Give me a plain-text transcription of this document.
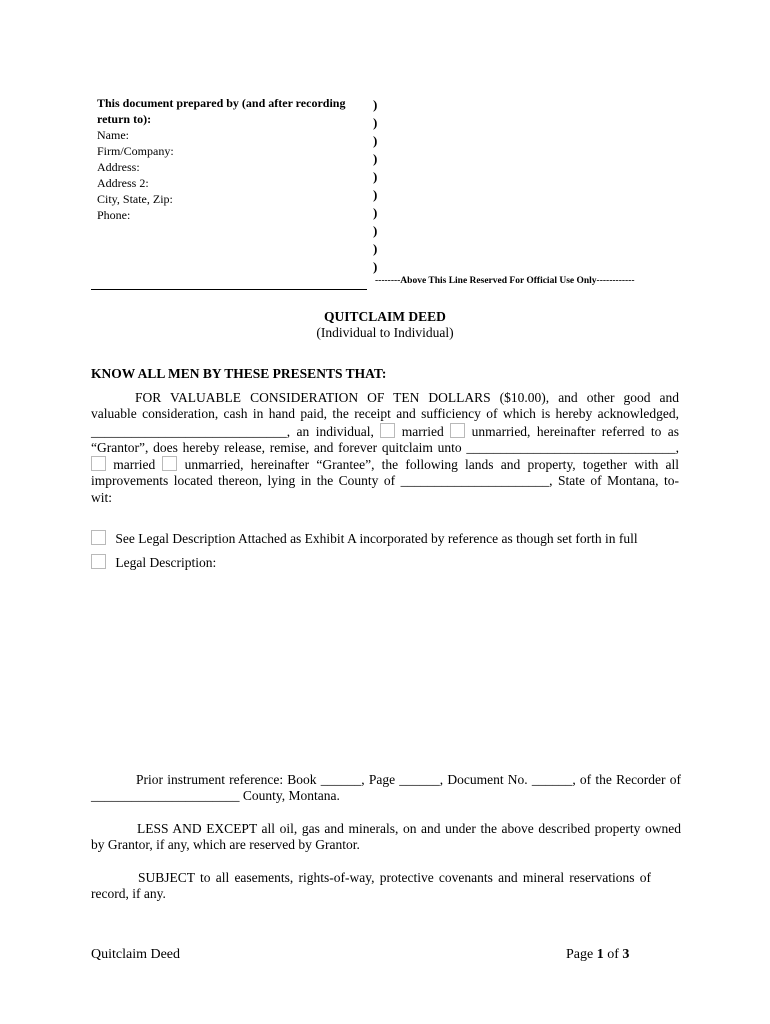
This document prepared by (and after recording
return to):
Name:
Firm/Company:
Address:
Address 2:
City, State, Zip:
Phone:
)
)
)
)
)
)
)
)
)
)
--------Above This Line Reserved For Official Use Only------------
QUITCLAIM DEED
(Individual to Individual)
KNOW ALL MEN BY THESE PRESENTS THAT:
FOR VALUABLE CONSIDERATION OF TEN DOLLARS ($10.00), and other good and
valuable consideration, cash in hand paid, the receipt and sufficiency of which is hereby acknowledged,
_____________________________, an individual, married unmarried, hereinafter referred to as
“Grantor”, does hereby release, remise, and forever quitclaim unto _______________________________,
married unmarried, hereinafter “Grantee”, the following lands and property, together with all
improvements located thereon, lying in the County of ______________________, State of Montana, to-
wit:
See Legal Description Attached as Exhibit A incorporated by reference as though set forth in full
Legal Description:
Prior instrument reference: Book ______, Page ______, Document No. ______, of the Recorder of
______________________ County, Montana.
LESS AND EXCEPT all oil, gas and minerals, on and under the above described property owned
by Grantor, if any, which are reserved by Grantor.
SUBJECT to all easements, rights-of-way, protective covenants and mineral reservations of
record, if any.
Quitclaim Deed	Page 1 of 3
